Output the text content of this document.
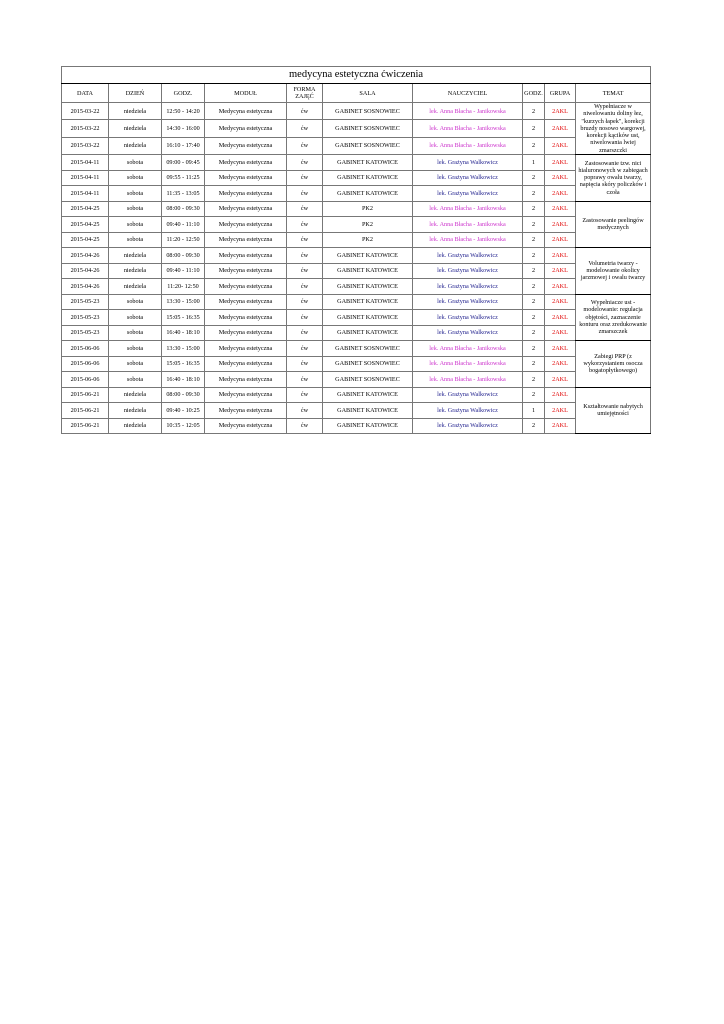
medycyna estetyczna ćwiczenia									
DATA	DZIEŃ	GODZ.	MODUŁ	FORMA ZAJĘĆ	SALA	NAUCZYCIEL	GODZ.	GRUPA	TEMAT
2015-03-22	niedziela	12:50 - 14:20	Medycyna estetyczna	ćw	GABINET SOSNOWIEC	lek. Anna Błacha - Janikowska	2	2AKL	Wypełniacze w niwelowaniu doliny łez, "kurzych łapek", korekcji bruzdy nosowo wargowej, korekcji kącików ust, niwelowania lwiej zmarszczki
2015-03-22	niedziela	14:30 - 16:00	Medycyna estetyczna	ćw	GABINET SOSNOWIEC	lek. Anna Błacha - Janikowska	2	2AKL	
2015-03-22	niedziela	16:10 - 17:40	Medycyna estetyczna	ćw	GABINET SOSNOWIEC	lek. Anna Błacha - Janikowska	2	2AKL	
2015-04-11	sobota	09:00 - 09:45	Medycyna estetyczna	ćw	GABINET KATOWICE	lek. Grażyna Walkowicz	1	2AKL	Zastosowanie tzw. nici hialuronowych w zabiegach poprawy owalu twarzy, napięcia skóry policzków i czoła
2015-04-11	sobota	09:55 - 11:25	Medycyna estetyczna	ćw	GABINET KATOWICE	lek. Grażyna Walkowicz	2	2AKL	
2015-04-11	sobota	11:35 - 13:05	Medycyna estetyczna	ćw	GABINET KATOWICE	lek. Grażyna Walkowicz	2	2AKL	
2015-04-25	sobota	08:00 - 09:30	Medycyna estetyczna	ćw	PK2	lek. Anna Błacha - Janikowska	2	2AKL	Zastosowanie peelingów medycznych
2015-04-25	sobota	09:40 - 11:10	Medycyna estetyczna	ćw	PK2	lek. Anna Błacha - Janikowska	2	2AKL	
2015-04-25	sobota	11:20 - 12:50	Medycyna estetyczna	ćw	PK2	lek. Anna Błacha - Janikowska	2	2AKL	
2015-04-26	niedziela	08:00 - 09:30	Medycyna estetyczna	ćw	GABINET KATOWICE	lek. Grażyna Walkowicz	2	2AKL	Volumetria twarzy - modelowanie okolicy jarzmowej i owalu twarzy
2015-04-26	niedziela	09:40 - 11:10	Medycyna estetyczna	ćw	GABINET KATOWICE	lek. Grażyna Walkowicz	2	2AKL	
2015-04-26	niedziela	11:20- 12:50	Medycyna estetyczna	ćw	GABINET KATOWICE	lek. Grażyna Walkowicz	2	2AKL	
2015-05-23	sobota	13:30 - 15:00	Medycyna estetyczna	ćw	GABINET KATOWICE	lek. Grażyna Walkowicz	2	2AKL	Wypełniacze ust - modelowanie: regulacja objętości, zaznaczenie konturu oraz zredukowanie zmarszczek
2015-05-23	sobota	15:05 - 16:35	Medycyna estetyczna	ćw	GABINET KATOWICE	lek. Grażyna Walkowicz	2	2AKL	
2015-05-23	sobota	16:40 - 18:10	Medycyna estetyczna	ćw	GABINET KATOWICE	lek. Grażyna Walkowicz	2	2AKL	
2015-06-06	sobota	13:30 - 15:00	Medycyna estetyczna	ćw	GABINET SOSNOWIEC	lek. Anna Błacha - Janikowska	2	2AKL	Zabiegi PRP (z wykorzystaniem osocza bogatopłytkowego)
2015-06-06	sobota	15:05 - 16:35	Medycyna estetyczna	ćw	GABINET SOSNOWIEC	lek. Anna Błacha - Janikowska	2	2AKL	
2015-06-06	sobota	16:40 - 18:10	Medycyna estetyczna	ćw	GABINET SOSNOWIEC	lek. Anna Błacha - Janikowska	2	2AKL	
2015-06-21	niedziela	08:00 - 09:30	Medycyna estetyczna	ćw	GABINET KATOWICE	lek. Grażyna Walkowicz	2	2AKL	Kształtowanie nabytych umiejętności
2015-06-21	niedziela	09:40 - 10:25	Medycyna estetyczna	ćw	GABINET KATOWICE	lek. Grażyna Walkowicz	1	2AKL	
2015-06-21	niedziela	10:35 - 12:05	Medycyna estetyczna	ćw	GABINET KATOWICE	lek. Grażyna Walkowicz	2	2AKL	
